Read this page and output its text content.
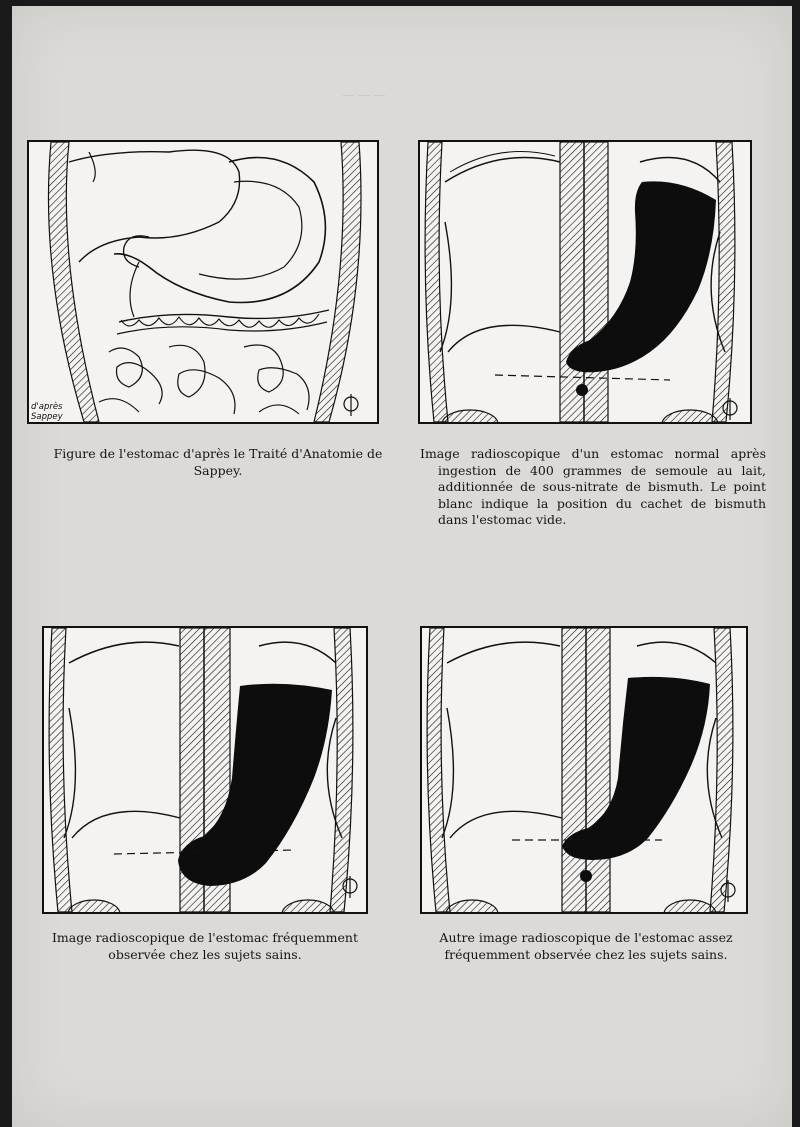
— — —
d'après
Sappey
Figure de l'estomac d'après le Traité d'Anatomie de Sappey.
Image radioscopique d'un estomac normal après ingestion de 400 grammes de semoule au lait, additionnée de sous-nitrate de bismuth. Le point blanc indique la position du cachet de bismuth dans l'estomac vide.
Image radioscopique de l'estomac fréquemment observée chez les sujets sains.
Autre image radioscopique de l'estomac assez fréquemment observée chez les sujets sains.
